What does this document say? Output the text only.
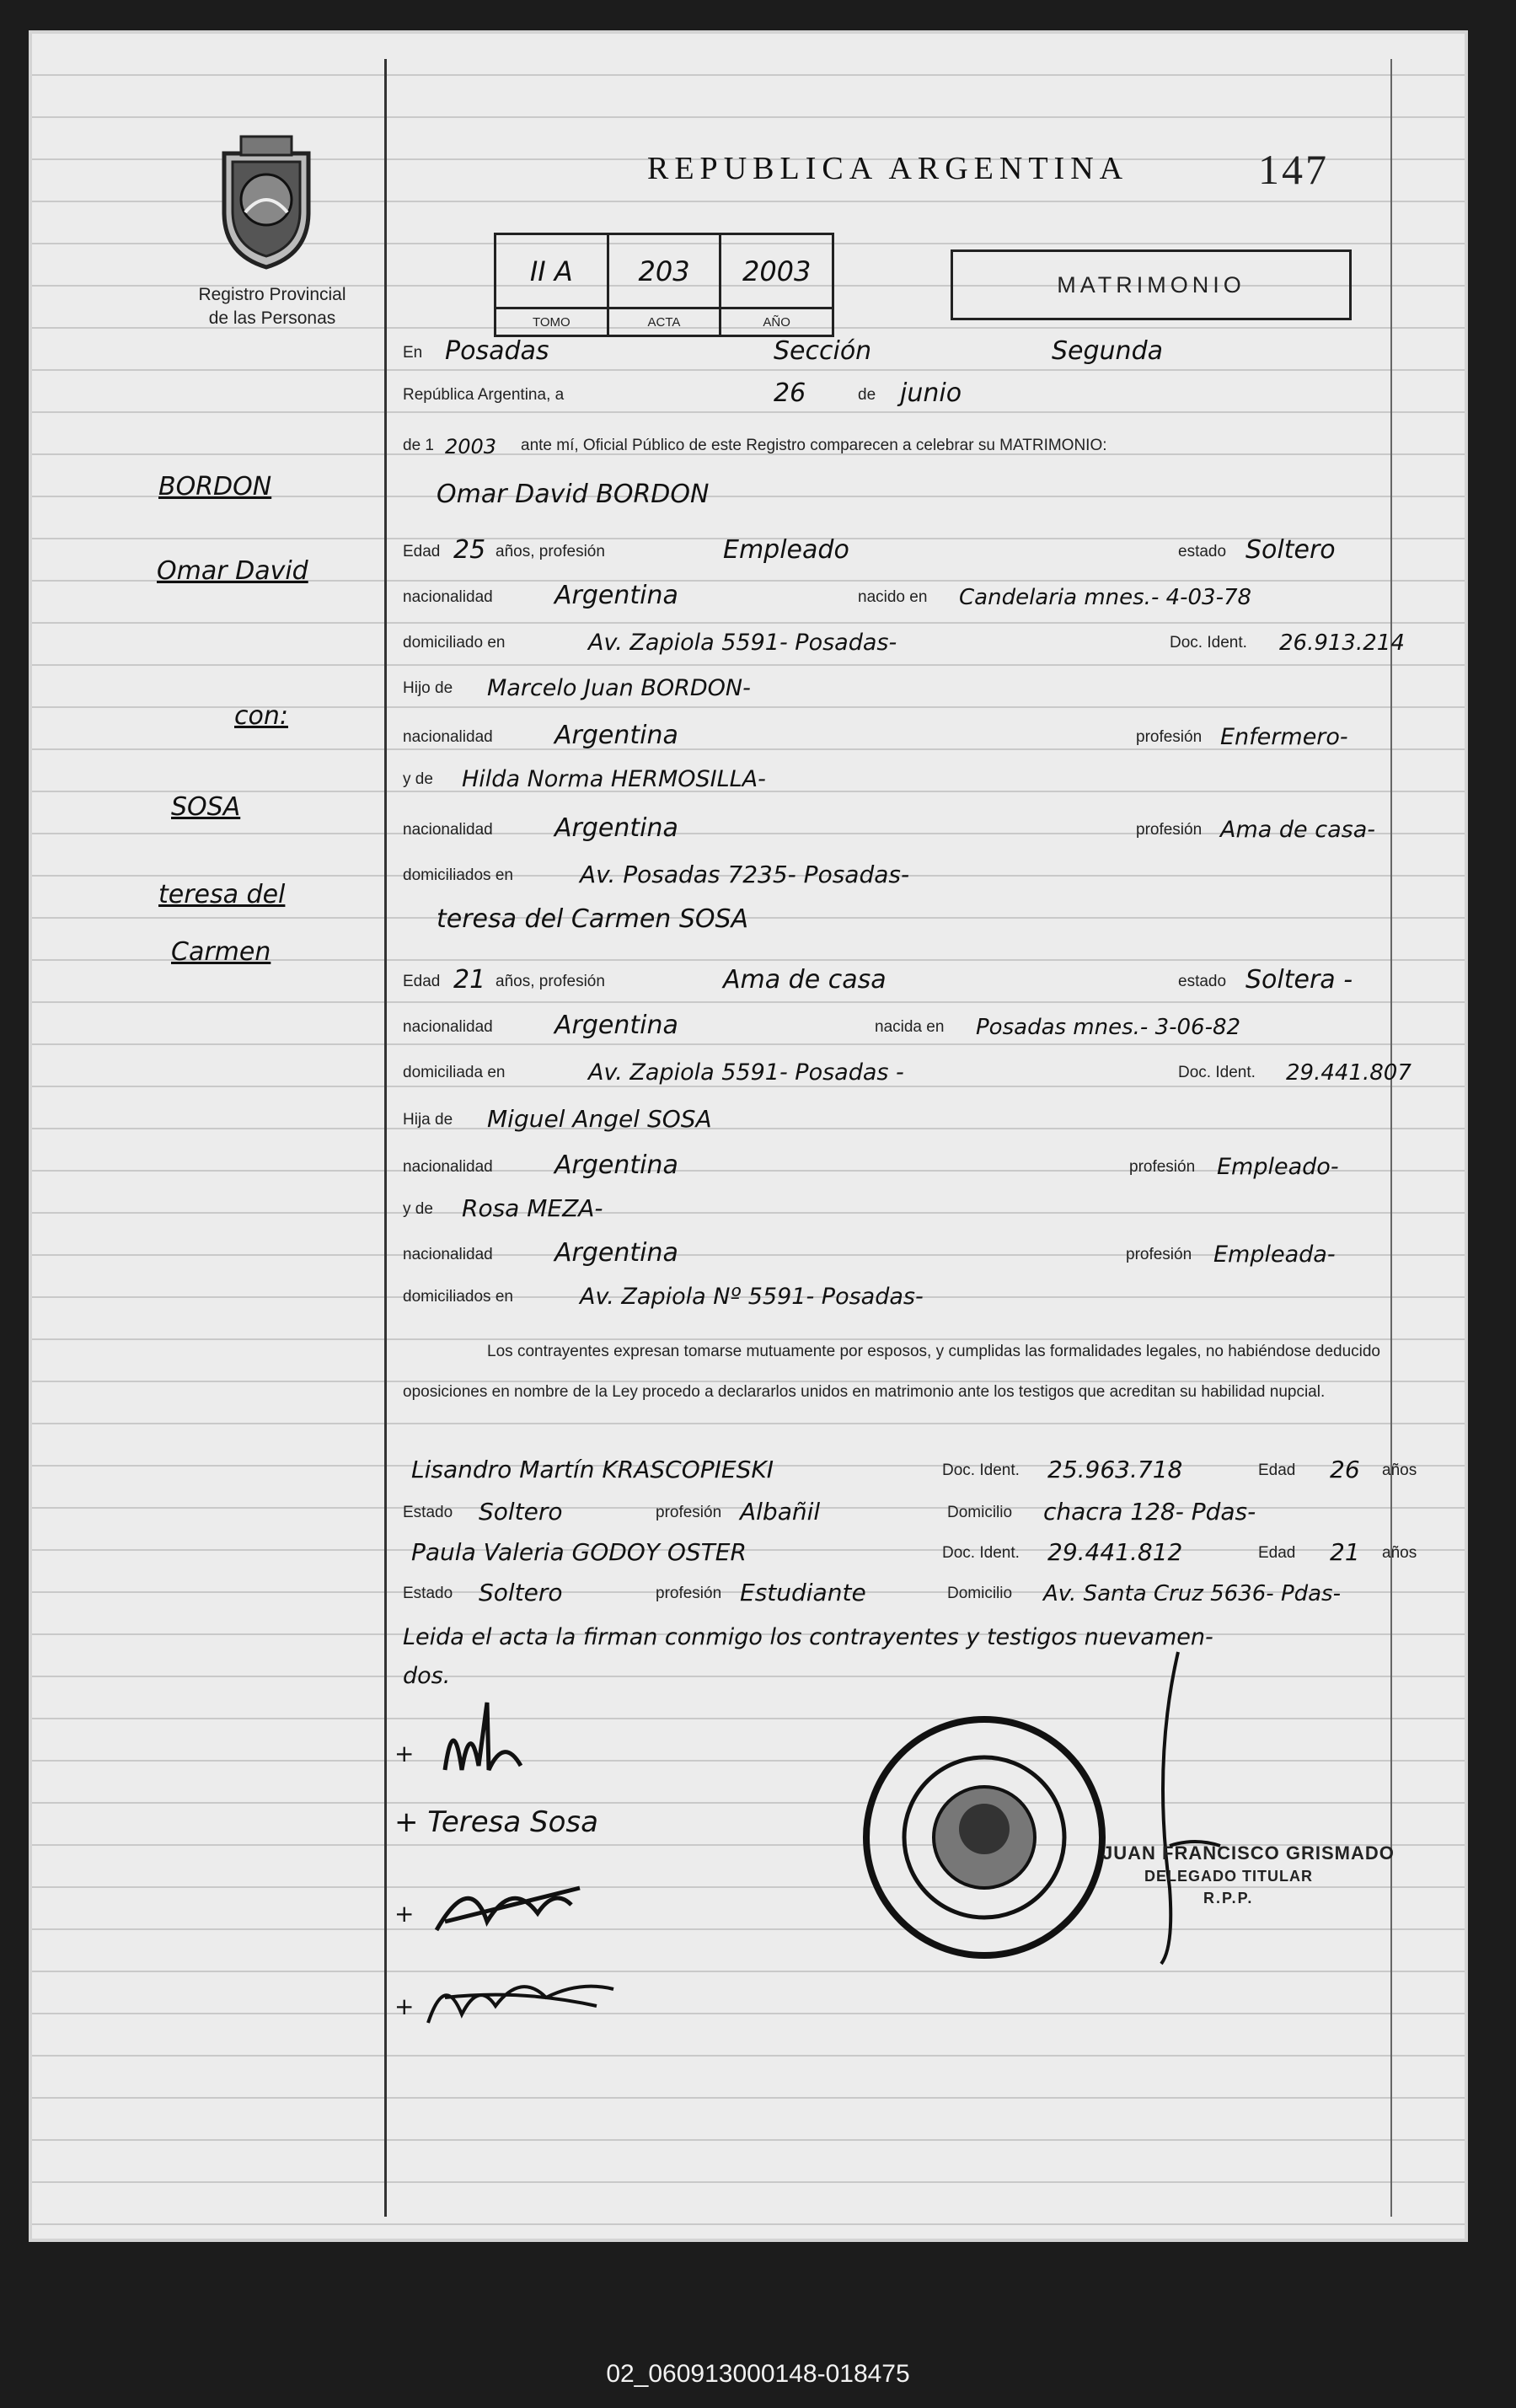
Registro Provincial
de las Personas
REPUBLICA ARGENTINA	147
II A
TOMO
203
ACTA
2003
AÑO
MATRIMONIO
BORDON
Omar David
con:
SOSA
teresa del
Carmen
En Posadas	Sección	Segunda
República Argentina, a	26	de junio
de 1 2003 ante mí, Oficial Público de este Registro comparecen a celebrar su MATRIMONIO:
Omar David BORDON
Edad 25 años, profesión	Empleado	estado Soltero
nacionalidad Argentina	nacido en Candelaria mnes.- 4-03-78
domiciliado en	Av. Zapiola 5591- Posadas-	Doc. Ident. 26.913.214
Hijo de Marcelo Juan BORDON-
nacionalidad Argentina	profesión Enfermero-
y de Hilda Norma HERMOSILLA-
nacionalidad Argentina	profesión Ama de casa-
domiciliados en	Av. Posadas 7235- Posadas-
teresa del Carmen SOSA
Edad 21 años, profesión	Ama de casa	estado Soltera -
nacionalidad Argentina	nacida en Posadas mnes.- 3-06-82
domiciliada en	Av. Zapiola 5591- Posadas -	Doc. Ident. 29.441.807
Hija de Miguel Angel SOSA
nacionalidad Argentina	profesión Empleado-
y de Rosa MEZA-
nacionalidad Argentina	profesión Empleada-
domiciliados en	Av. Zapiola Nº 5591- Posadas-
Los contrayentes expresan tomarse mutuamente por esposos, y cumplidas las formalidades legales, no habiéndose deducido oposiciones en nombre de la Ley procedo a declararlos unidos en matrimonio ante los testigos que acreditan su habilidad nupcial.
Lisandro Martín KRASCOPIESKI	Doc. Ident. 25.963.718	Edad 26 años
Estado Soltero	profesión Albañil	Domicilio chacra 128- Pdas-
Paula Valeria GODOY OSTER	Doc. Ident. 29.441.812	Edad 21 años
Estado Soltero	profesión Estudiante	Domicilio Av. Santa Cruz 5636- Pdas-
Leida el acta la firman conmigo los contrayentes y testigos nuevamen-
dos.
+
+ Teresa Sosa
+
+
JUAN FRANCISCO GRISMADO
DELEGADO TITULAR
R.P.P.
02_060913000148-018475
